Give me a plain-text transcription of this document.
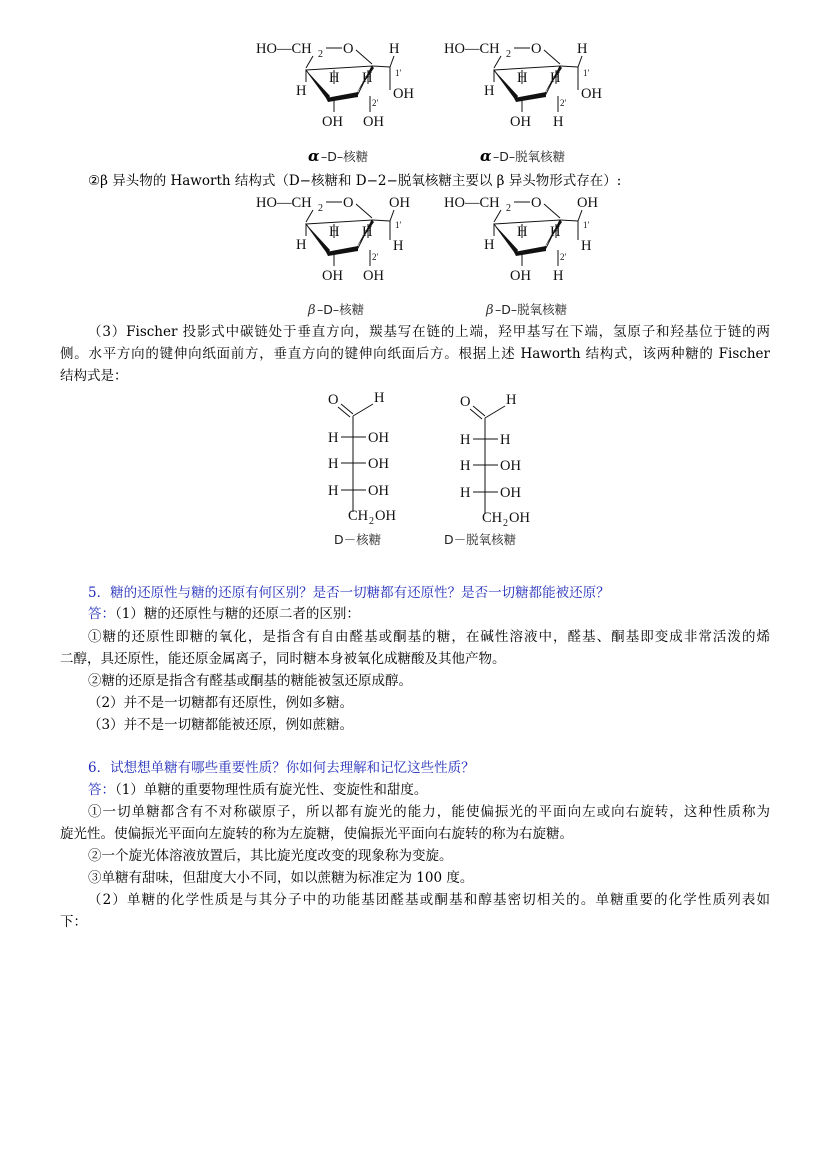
HO—CH 2 O H
OH
1′
H
H H
2′
OH OH
α –D–核糖
HO—CH 2 O H
OH
1′
H
H H
2′
OH H
α –D–脱氧核糖
②β 异头物的 Haworth 结构式（D−核糖和 D−2−脱氧核糖主要以 β 异头物形式存在）:
HO—CH 2 O OH
H
1′
H
H H
2′
OH OH
β –D–核糖
HO—CH 2 O OH
H
1′
H
H H
2′
OH H
β –D–脱氧核糖
（3）Fischer 投影式中碳链处于垂直方向，羰基写在链的上端，羟甲基写在下端，氢原子和羟基位于链的两
侧。水平方向的键伸向纸面前方，垂直方向的键伸向纸面后方。根据上述 Haworth 结构式，该两种糖的 Fischer
结构式是：
O H
H OH
H OH
H OH
CH 2 OH
D－核糖
O H
H H
H OH
H OH
CH 2 OH
D－脱氧核糖
5．糖的还原性与糖的还原有何区别？是否一切糖都有还原性？是否一切糖都能被还原？
答：（1）糖的还原性与糖的还原二者的区别：
①糖的还原性即糖的氧化，是指含有自由醛基或酮基的糖，在碱性溶液中，醛基、酮基即变成非常活泼的烯
二醇，具还原性，能还原金属离子，同时糖本身被氧化成糖酸及其他产物。
②糖的还原是指含有醛基或酮基的糖能被氢还原成醇。
（2）并不是一切糖都有还原性，例如多糖。
（3）并不是一切糖都能被还原，例如蔗糖。
6．试想想单糖有哪些重要性质？你如何去理解和记忆这些性质？
答：（1）单糖的重要物理性质有旋光性、变旋性和甜度。
①一切单糖都含有不对称碳原子，所以都有旋光的能力，能使偏振光的平面向左或向右旋转，这种性质称为
旋光性。使偏振光平面向左旋转的称为左旋糖，使偏振光平面向右旋转的称为右旋糖。
②一个旋光体溶液放置后，其比旋光度改变的现象称为变旋。
③单糖有甜味，但甜度大小不同，如以蔗糖为标准定为 100 度。
（2）单糖的化学性质是与其分子中的功能基团醛基或酮基和醇基密切相关的。单糖重要的化学性质列表如
下：
